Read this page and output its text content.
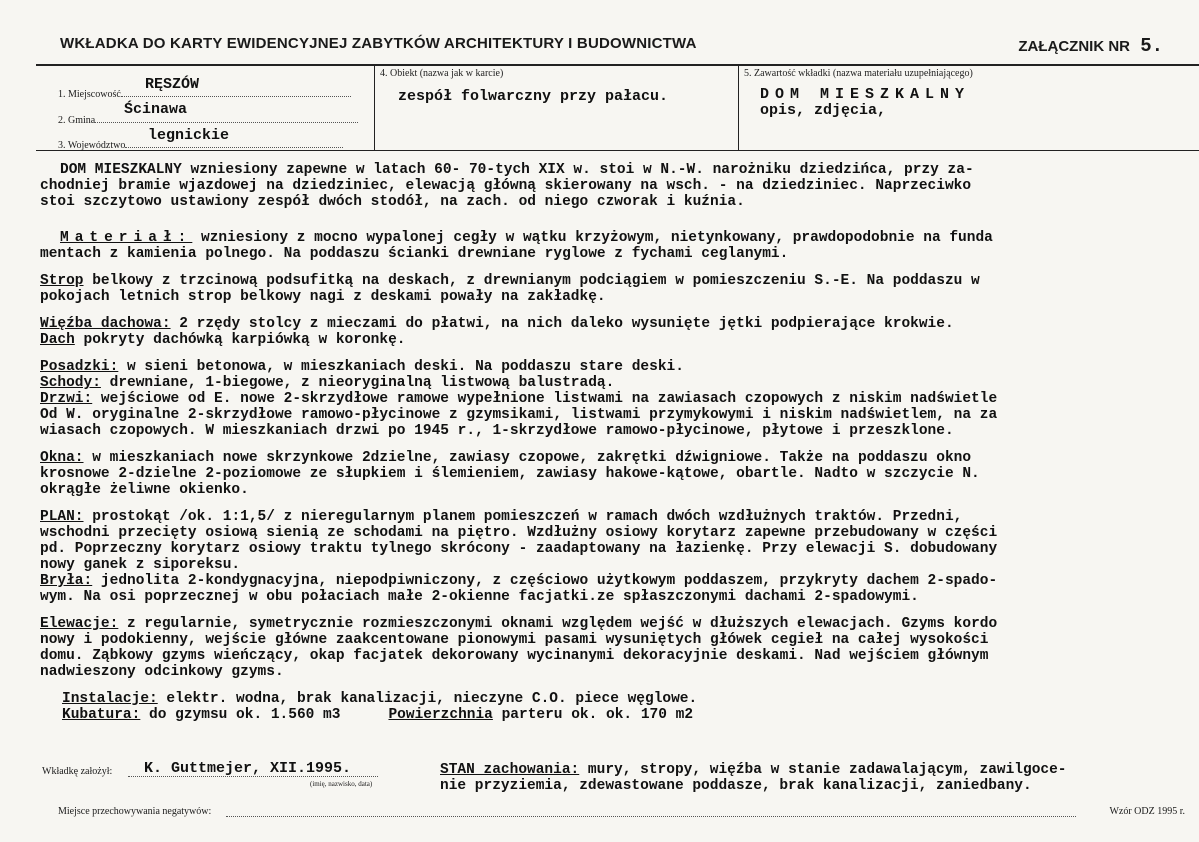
WKŁADKA DO KARTY EWIDENCYJNEJ ZABYTKÓW ARCHITEKTURY I BUDOWNICTWA	ZAŁĄCZNIK NR 5.
1. Miejscowość
RĘSZÓW
2. Gmina
Ścinawa
3. Województwo
legnickie
4. Obiekt (nazwa jak w karcie)
zespół folwarczny przy pałacu.
5. Zawartość wkładki (nazwa materiału uzupełniającego)
DOM MIESZKALNY
opis, zdjęcia,

DOM MIESZKALNY wzniesiony zapewne w latach 60- 70-tych XIX w. stoi w N.-W. narożniku dziedzińca, przy za-

chodniej bramie wjazdowej na dziedziniec, elewacją główną skierowany na wsch. - na dziedziniec. Naprzeciwko

stoi szczytowo ustawiony zespół dwóch stodół, na zach. od niego czworak i kuźnia.

Materiał: wzniesiony z mocno wypalonej cegły w wątku krzyżowym, nietynkowany, prawdopodobnie na funda

mentach z kamienia polnego. Na poddaszu ścianki drewniane ryglowe z fychami ceglanymi.

Strop belkowy z trzcinową podsufitką na deskach, z drewnianym podciągiem w pomieszczeniu S.-E. Na poddaszu w

pokojach letnich strop belkowy nagi z deskami powały na zakładkę.

Więźba dachowa: 2 rzędy stolcy z mieczami do płatwi, na nich daleko wysunięte jętki podpierające krokwie.

Dach pokryty dachówką karpiówką w koronkę.

Posadzki: w sieni betonowa, w mieszkaniach deski. Na poddaszu stare deski.

Schody: drewniane, 1-biegowe, z nieoryginalną listwową balustradą.

Drzwi: wejściowe od E. nowe 2-skrzydłowe ramowe wypełnione listwami na zawiasach czopowych z niskim nadświetle

Od W. oryginalne 2-skrzydłowe ramowo-płycinowe z gzymsikami, listwami przymykowymi i niskim nadświetlem, na za

wiasach czopowych. W mieszkaniach drzwi po 1945 r., 1-skrzydłowe ramowo-płycinowe, płytowe i przeszklone.

Okna: w mieszkaniach nowe skrzynkowe 2dzielne, zawiasy czopowe, zakrętki dźwigniowe. Także na poddaszu okno

krosnowe 2-dzielne 2-poziomowe ze słupkiem i ślemieniem, zawiasy hakowe-kątowe, obartle. Nadto w szczycie N.

okrągłe żeliwne okienko.

PLAN: prostokąt /ok. 1:1,5/ z nieregularnym planem pomieszczeń w ramach dwóch wzdłużnych traktów. Przedni,

wschodni przecięty osiową sienią ze schodami na piętro. Wzdłużny osiowy korytarz zapewne przebudowany w części

pd. Poprzeczny korytarz osiowy traktu tylnego skrócony - zaadaptowany na łazienkę. Przy elewacji S. dobudowany

nowy ganek z siporeksu.

Bryła: jednolita 2-kondygnacyjna, niepodpiwniczony, z częściowo użytkowym poddaszem, przykryty dachem 2-spado-

wym. Na osi poprzecznej w obu połaciach małe 2-okienne facjatki.ze spłaszczonymi dachami 2-spadowymi.

Elewacje: z regularnie, symetrycznie rozmieszczonymi oknami względem wejść w dłuższych elewacjach. Gzyms kordo

nowy i podokienny, wejście główne zaakcentowane pionowymi pasami wysuniętych główek cegieł na całej wysokości

domu. Ząbkowy gzyms wieńczący, okap facjatek dekorowany wycinanymi dekoracyjnie deskami. Nad wejściem głównym

nadwieszony odcinkowy gzyms.

Instalacje: elektr. wodna, brak kanalizacji, nieczyne C.O. piece węglowe.

Kubatura: do gzymsu ok. 1.560 m3	Powierzchnia parteru ok. ok. 170 m2

STAN zachowania: mury, stropy, więźba w stanie zadawalającym, zawilgoce-
nie przyziemia, zdewastowane poddasze, brak kanalizacji, zaniedbany.
Wkładkę założył: K. Guttmejer, XII.1995.
(imię, nazwisko, data)
Miejsce przechowywania negatywów:	Wzór ODZ 1995 r.
